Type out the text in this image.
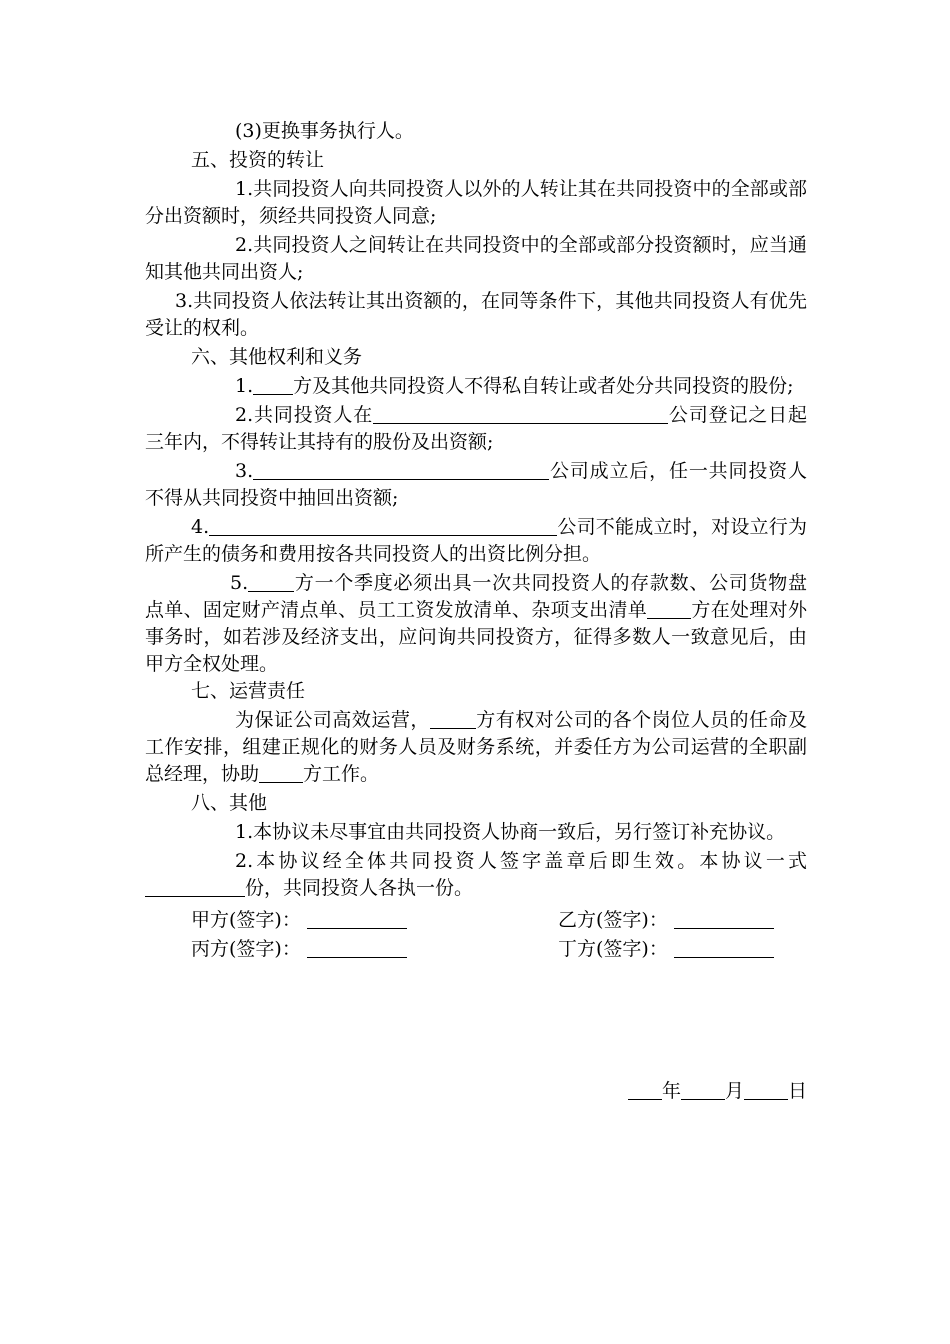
(3)更换事务执行人。

五、投资的转让

1.共同投资人向共同投资人以外的人转让其在共同投资中的全部或部分出资额时，须经共同投资人同意;

2.共同投资人之间转让在共同投资中的全部或部分投资额时，应当通知其他共同出资人;

3.共同投资人依法转让其出资额的，在同等条件下，其他共同投资人有优先受让的权利。

六、其他权利和义务

1. 方及其他共同投资人不得私自转让或者处分共同投资的股份;

2.共同投资人在	公司登记之日起三年内，不得转让其持有的股份及出资额;

3.	公司成立后，任一共同投资人不得从共同投资中抽回出资额;

4.	公司不能成立时，对设立行为所产生的债务和费用按各共同投资人的出资比例分担。

5. 方一个季度必须出具一次共同投资人的存款数、公司货物盘点单、固定财产清点单、员工工资发放清单、杂项支出清单 方在处理对外事务时，如若涉及经济支出，应问询共同投资方，征得多数人一致意见后，由甲方全权处理。

七、运营责任

为保证公司高效运营， 方有权对公司的各个岗位人员的任命及工作安排，组建正规化的财务人员及财务系统，并委任方为公司运营的全职副总经理，协助 方工作。

八、其他

1.本协议未尽事宜由共同投资人协商一致后，另行签订补充协议。

2.本协议经全体共同投资人签字盖章后即生效。本协议一式份，共同投资人各执一份。

甲方(签字)：	乙方(签字)：
丙方(签字)：	丁方(签字)：
年 月 日
